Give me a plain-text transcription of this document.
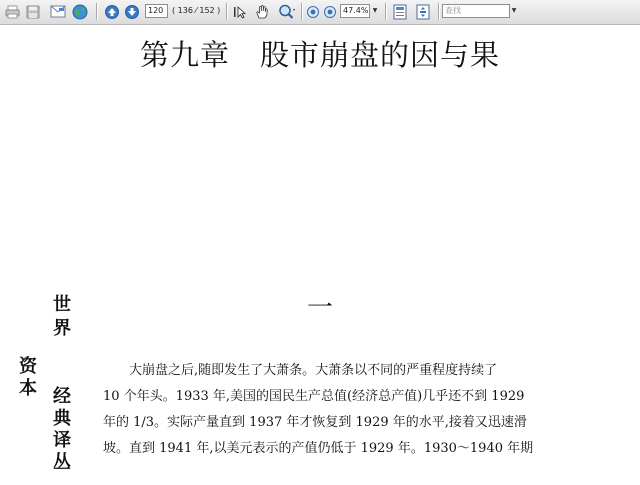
120	( 136 ⁄ 152 )	47.4% ▼	查找	▼
第九章　股市崩盘的因与果
资
本
世
界
经
典
译
丛
一
大崩盘之后,随即发生了大萧条。大萧条以不同的严重程度持续了
10 个年头。1933 年,美国的国民生产总值(经济总产值)几乎还不到 1929
年的 1/3。实际产量直到 1937 年才恢复到 1929 年的水平,接着又迅速滑
坡。直到 1941 年,以美元表示的产值仍低于 1929 年。1930～1940 年期
